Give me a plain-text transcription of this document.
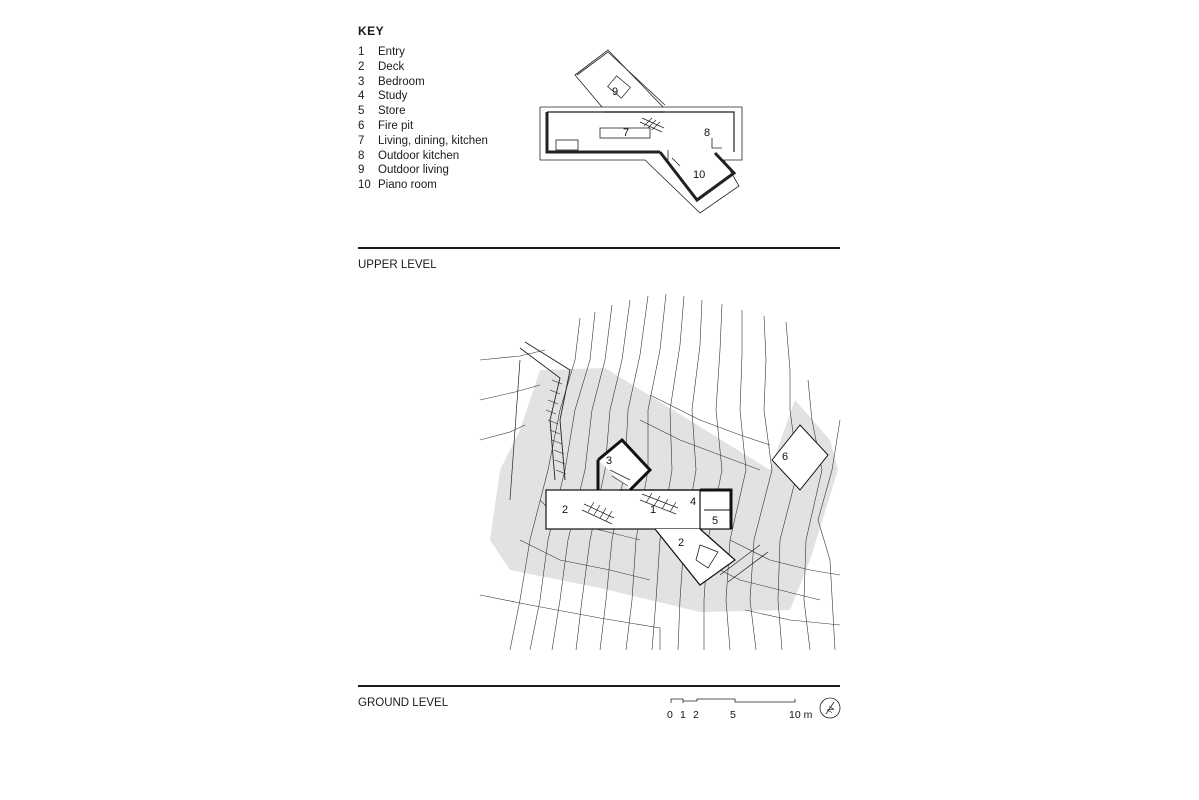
KEY
1	Entry
2	Deck
3	Bedroom
4	Study
5	Store
6	Fire pit
7	Living, dining, kitchen
8	Outdoor kitchen
9	Outdoor living
10 Piano room
UPPER LEVEL
GROUND LEVEL
9
7	8
10
3
2	1
4
5
2
6
0 1 2	5	10 m N
